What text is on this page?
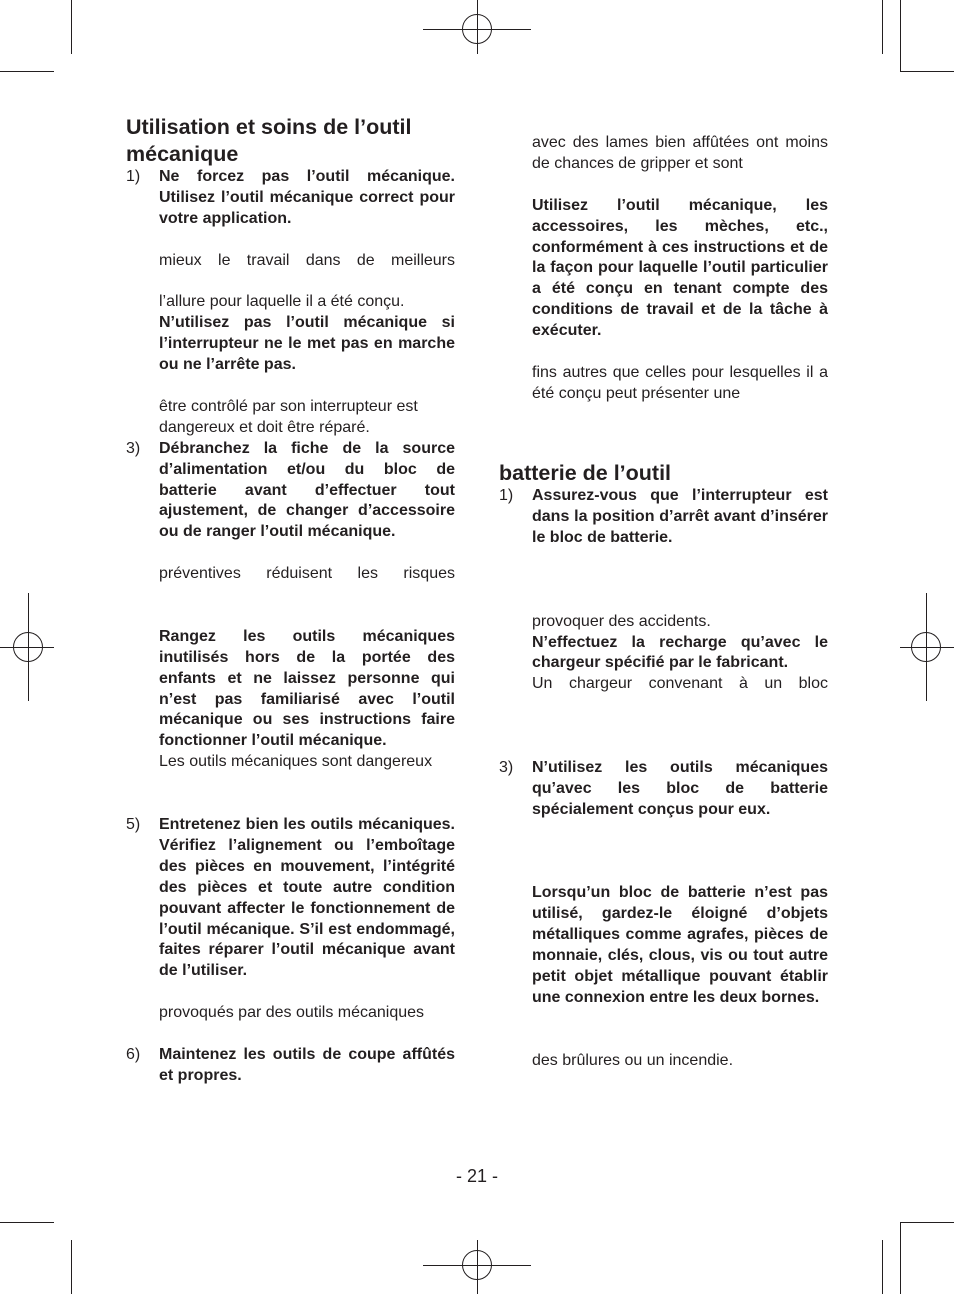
Utilisation et soins de l’outil mécanique
1) Ne forcez pas l’outil mécanique. Utilisez l’outil mécanique correct pour votre application.
mieux le travail dans de meilleurs
l’allure pour laquelle il a été conçu.
N’utilisez pas l’outil mécanique si l’interrupteur ne le met pas en marche ou ne l’arrête pas.
être contrôlé par son interrupteur est dangereux et doit être réparé.
3) Débranchez la fiche de la source d’alimentation et/ou du bloc de batterie avant d’effectuer tout ajustement, de changer d’accessoire ou de ranger l’outil mécanique.
préventives réduisent les risques
Rangez les outils mécaniques inutilisés hors de la portée des enfants et ne laissez personne qui n’est pas familiarisé avec l’outil mécanique ou ses instructions faire fonctionner l’outil mécanique.
Les outils mécaniques sont dangereux
5) Entretenez bien les outils mécaniques. Vérifiez l’alignement ou l’emboîtage des pièces en mouvement, l’intégrité des pièces et toute autre condition pouvant affecter le fonctionnement de l’outil mécanique. S’il est endommagé, faites réparer l’outil mécanique avant de l’utiliser.
provoqués par des outils mécaniques
6) Maintenez les outils de coupe affûtés et propres.
avec des lames bien affûtées ont moins de chances de gripper et sont
Utilisez l’outil mécanique, les accessoires, les mèches, etc., conformément à ces instructions et de la façon pour laquelle l’outil particulier a été conçu en tenant compte des conditions de travail et de la tâche à exécuter.
fins autres que celles pour lesquelles il a été conçu peut présenter une
batterie de l’outil
1) Assurez-vous que l’interrupteur est dans la position d’arrêt avant d’insérer le bloc de batterie.
provoquer des accidents.
N’effectuez la recharge qu’avec le chargeur spécifié par le fabricant.
Un chargeur convenant à un bloc
3) N’utilisez les outils mécaniques qu’avec les bloc de batterie spécialement conçus pour eux.
Lorsqu’un bloc de batterie n’est pas utilisé, gardez-le éloigné d’objets métalliques comme agrafes, pièces de monnaie, clés, clous, vis ou tout autre petit objet métallique pouvant établir une connexion entre les deux bornes.
des brûlures ou un incendie.
- 21 -
